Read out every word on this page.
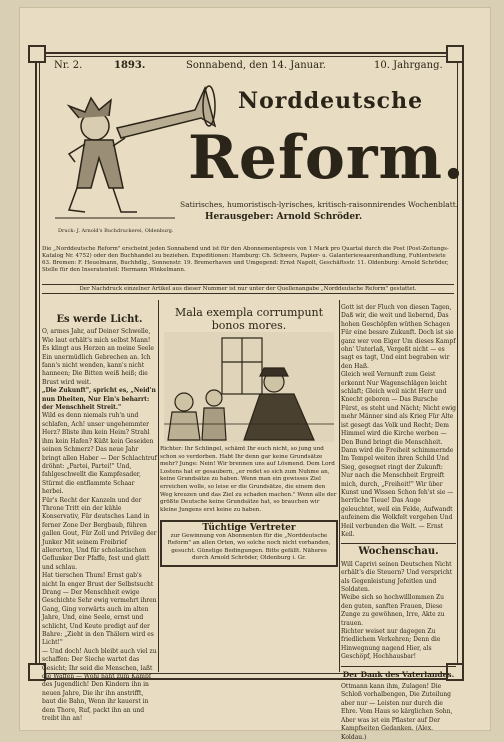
Nr. 2.	1893.	Sonnabend, den 14. Januar.	10. Jahrgang.
Norddeutsche
Reform.
Satirisches, humoristisch-lyrisches, kritisch-raisonnirendes Wochenblatt.
Herausgeber: Arnold Schröder.
Druck: J. Arnold's Buchdruckerei, Oldenburg.
Die „Norddeutsche Reform" erscheint jeden Sonnabend und ist für den Abonnementspreis von 1 Mark pro Quartal durch die Post (Post-Zeitungs-Katalog Nr. 4752) oder den Buchhandel zu beziehen. Expeditionen: Hamburg: Ch. Schwers, Papier- u. Galanteriewaarenhandlung, Fuhlentwiete 63. Bremen: F. Heuelmann, Buchhdlg., Sonnenstr. 19. Bremerhaven und Umgegend: Ernst Napolt, Geschäftsstr. 11. Oldenburg: Arnold Schröder, Stelle für den Inseratenteil: Hermann Winkelmann.
Der Nachdruck einzelner Artikel aus dieser Nummer ist nur unter der Quellenangabe „Norddeutsche Reform" gestattet.

Es werde Licht.

O, armes Jahr, auf Deiner Schwelle, Wie laut erhält's mich selbst Mann! Es klingt aus Herzen an meine Seele Ein unermüdlich Gebrechen an. Ich fann's nicht wenden, kann's nicht hanneen; Die Bitten weiß heiß; die Brust wird weit.

„Die Zukunft", spricht es, „Neid'n nun Dheiten, Nur Ein's beharrt: der Menschheit Streit."

Wild es denn niemals ruh'n und schlafen, Ach! unser ungehemmter Herz? Bliste ihm kein Heim? Strahl ihm kein Hafen? Küßt kein Geseiden seinen Schmerz? Das neue Jahr bringt allen Haber — Der Schlachtruf dröhnt: „Partei, Partei!" Und, fahlgeschwellt die Kampfesader, Stürmt die entflammte Schaar herbei.

Für's Recht der Kanzeln und der Throne Tritt ein der kühle Konservativ, Für deutsches Land in ferner Zone Der Bergbaub, führen gallen Gout, Für Zoll und Privileg der Junker Mit seinem Freibrief allerorten, Und für scholastischen Geflunker Der Pfaffe, fest und glatt und schlau.

Hat tierschen Thum! Ernst gab's nicht In enger Brust der Selbstsucht Drang — Der Menschheit ewige Geschichte Sehr ewig vermehrt ihren Gang, Ging vorwärts auch im alten Jahre, Und, eine Seele, ernst und schlicht, Und Keute predigt auf der Bahre: „Zieht in den Thälern wird es Licht!"

— Und doch! Auch bleibt auch viel zu schaffen: Der Sieche wartet das Gesicht; Ihr seid die Menschen, laßt die Waffen — Wohl näht zum Kampf des Jugendlich! Den Kindern ihn in neuen Jahre, Die ihr ihn anstrifft, baut die Bahn, Wenn ihr kauerst in dem Thore, Ruf, packt ihn an und treibt ihn an!

Mala exempla corrumpunt bonos mores.

Richter: Ihr Schlingel, schämt Ihr euch nicht, so jung und schon so verdorben. Habt Ihr denn gar keine Grundsätze mehr? Junge: Nein! Wir brennen uns auf Lösmend. Dem Lord Lostens hat er gesaubern, „er redet so sich zum Nuhme an, keine Grundsätze zu haben. Wenn man ein gewisses Ziel erreichen wolle, so leise er die Grundsätze, die einem den Weg kreuzen und das Ziel zu schaden machen." Wenn alle der größte Deutsche keine Grundsätze hat, so brauchen wir kleine Jungens erst keine zu haben.

Tüchtige Vertreter
zur Gewinnung von Abonnenten für die „Norddeutsche Reform" an allen Orten, wo solche noch nicht vorhanden, gesucht. Günstige Bedingungen. Bitte gefällt. Näheres durch Arnold Schröder, Oldenburg i. Gr.

Gott ist der Fluch von diesen Tagen, Daß wir, die weit und liebernd, Das hohen Geschöpfen wüthen Schagen Für eine bessre Zukunft. Doch ist sie ganz wer von Eiger Um dieses Kampf ohn' Unterlaß, Vergeßt nicht — es sagt es tagt, Und eint begraben wir den Haß.

Gleich weil Vernunft zum Geist erkennt Nur Wagenschlägen leicht schlaft; Gleich weil nicht Herr und Knecht geboren — Das Bursche Fürst, es steht und Nächt; Nicht ewig mehr Männer sind als Krieg Für Alte ist gesegt das Volk und Recht; Dem Himmel wird die Kirche werben — Den Bund bringt die Menschheit.

Dann wird die Freiheit schimmernde Im Tempel weiten ihren Schild Und Sieg, gesegnet ringt der Zukunft: Nur nach die Menschheit Ergreift mich, durch, „Freiheit!" Wir über Kunst und Wissen Schon feh'st sie — herrliche Tieue! Das Auge geleuchtet, weil ein Felde, Aufwandt aufeinem die Wolkfelt vergehen Und Heil verbunden die Welt. — Ernst Keil.

Wochenschau.

Will Caprivi seinen Deutschen Nicht erhält's die Steuern? Und verspricht als Gegenleistung Jefeitlen und Soldaten.

Weibe sich so hochwilllommen Zu den guten, sanften Frauen, Diese Zunge zu gewöhnen, Irre, Akte zu trauen.

Richter weiset nur dagegen Zu friedlichem Verkehren; Denn die Hinwegnung nagend Hier, als Geschöpf, Hochhausbar!

Der Dank des Vaterlandes.

Ottmann kann ihm, Zulagen! Die Schloß vorhalbengen, Die Zuteilung aber nur — Leisten nur durch die Ehre. Vom Haus so kärglichen Sohn, Aber was ist ein Pflaster auf Der Kampfseiten Gedanken. (Alex. Koldau.)
